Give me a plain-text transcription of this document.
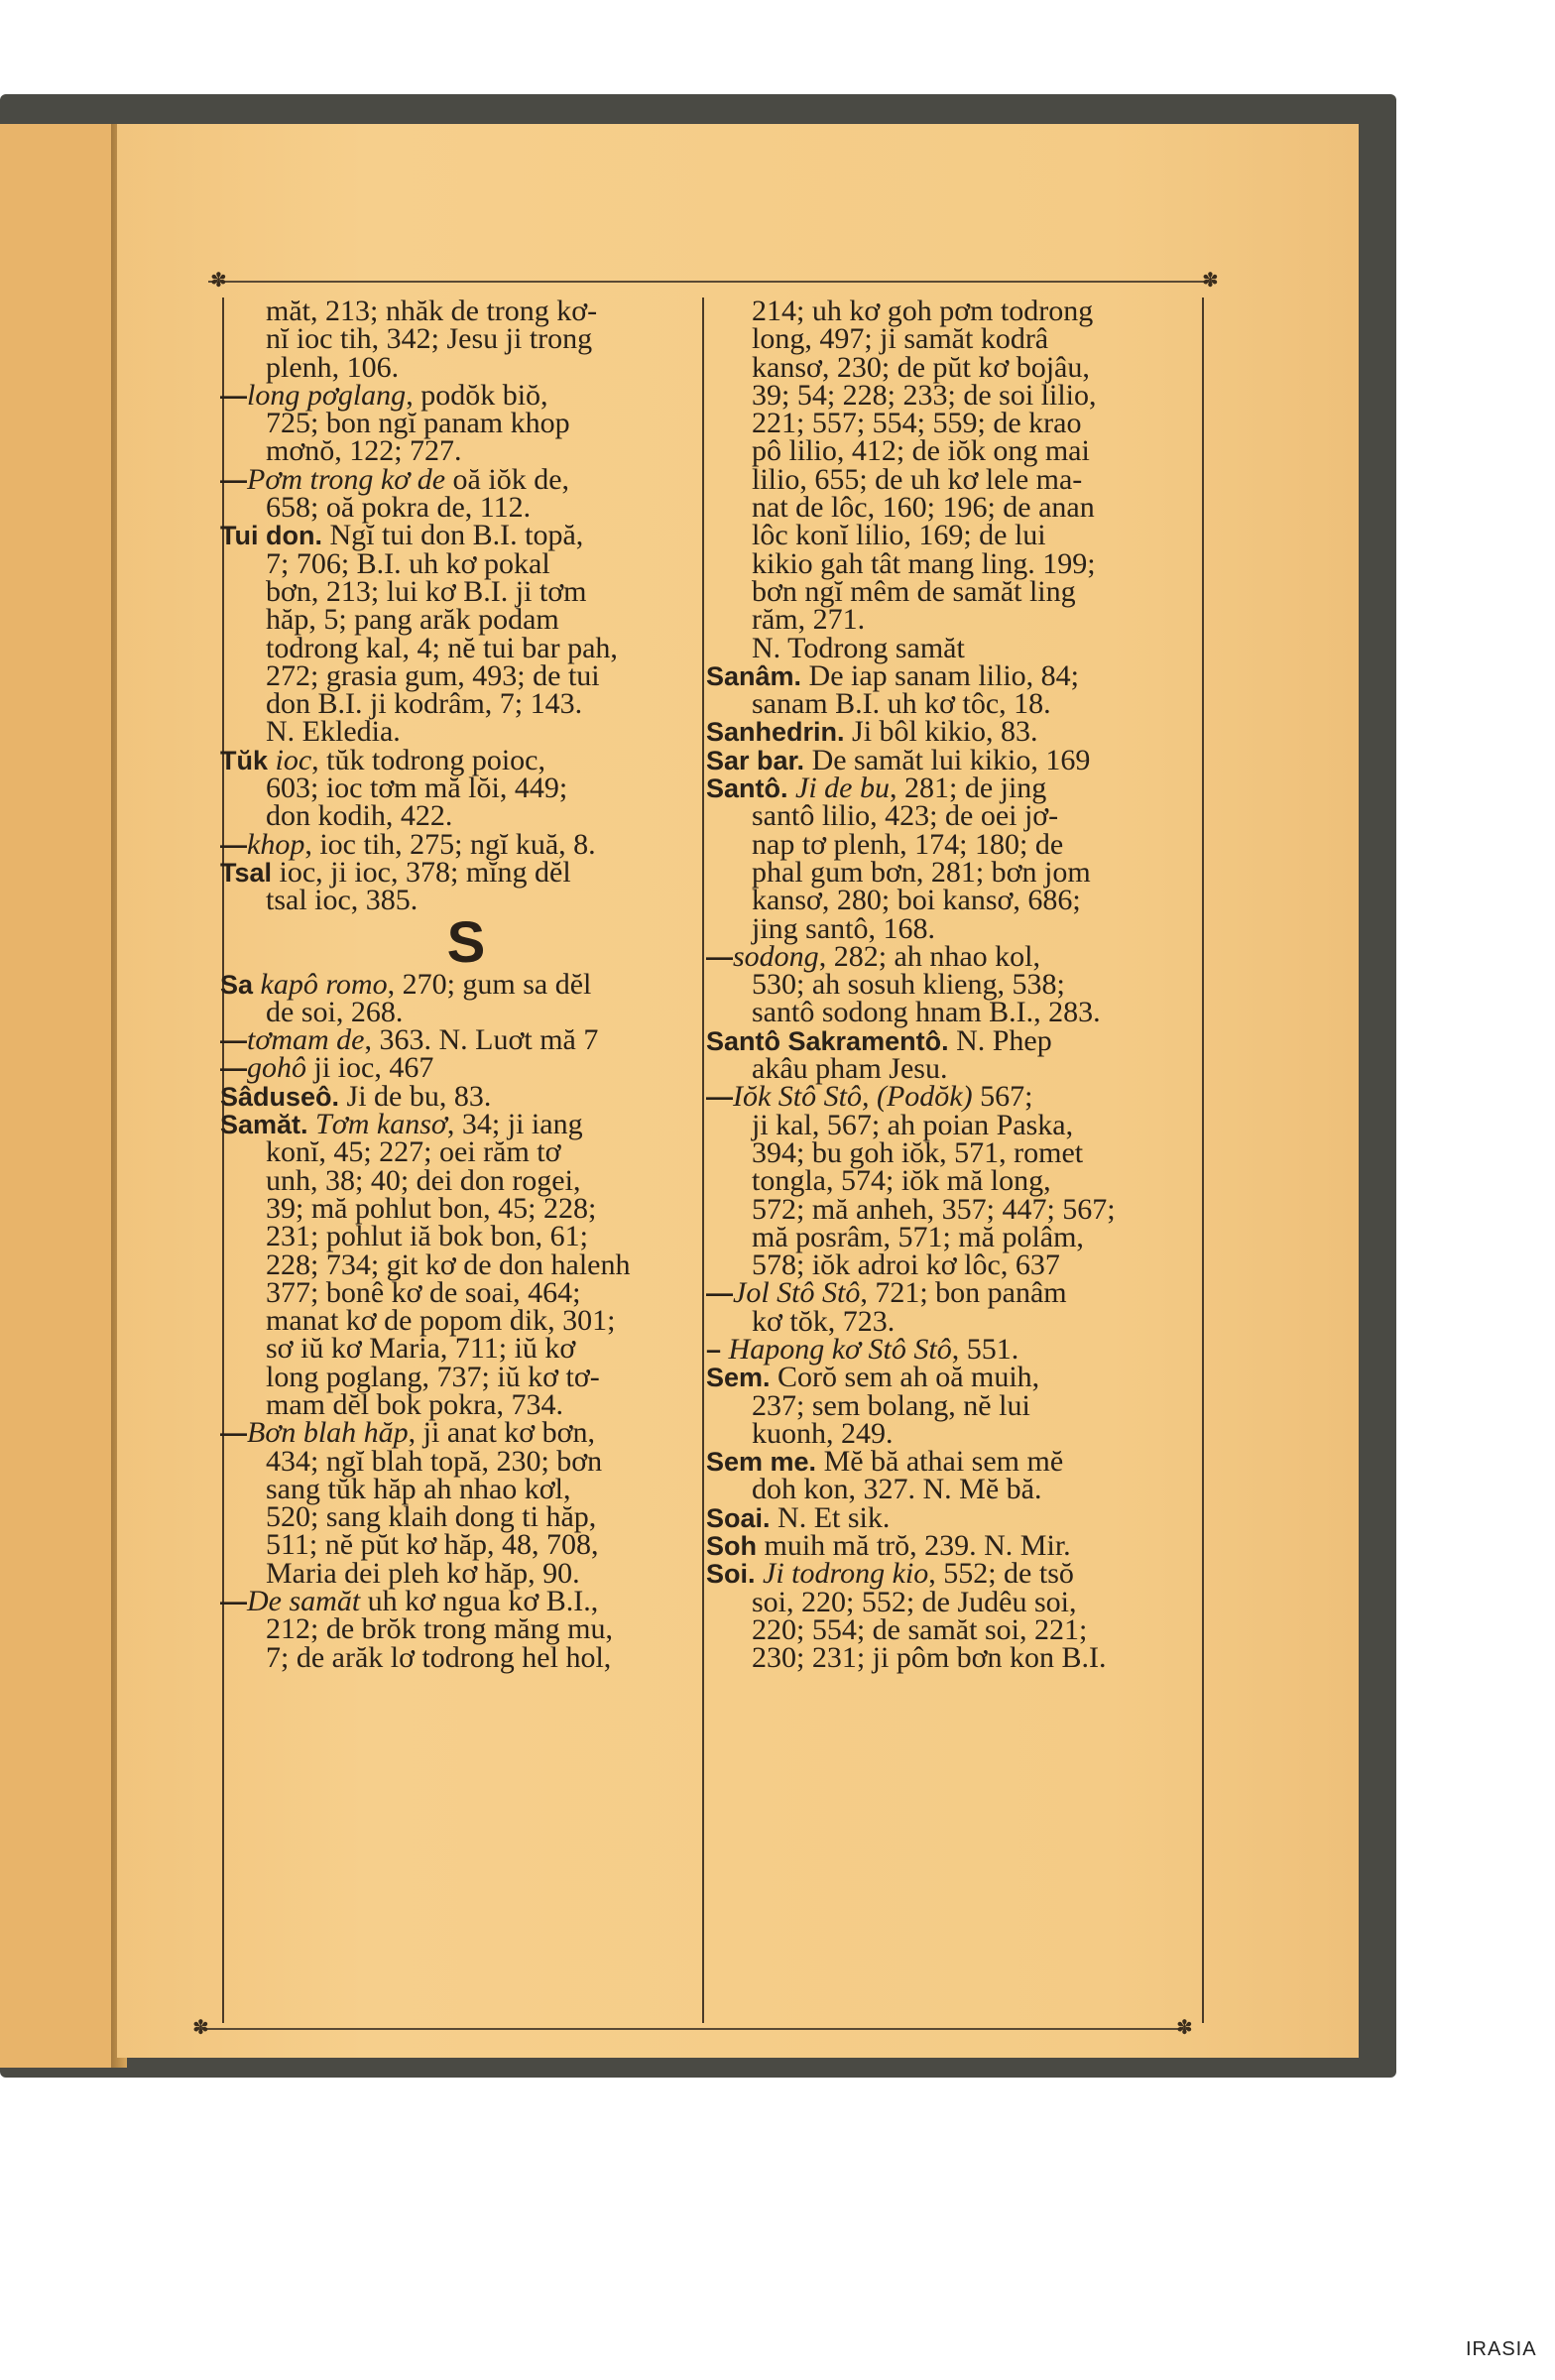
✽	✽
✽	✽

măt, 213; nhăk de trong kơ-

nĭ ioc tih, 342; Jesu ji trong

plenh, 106.

—long pơglang, podŏk biŏ,

725; bon ngĭ panam khop

mơnŏ, 122; 727.

—Pơm trong kơ de oă iŏk de,

658; oă pokra de, 112.

Tui don. Ngĭ tui don B.I. topă,

7; 706; B.I. uh kơ pokal

bơn, 213; lui kơ B.I. ji tơm

hăp, 5; pang arăk podam

todrong kal, 4; nĕ tui bar pah,

272; grasia gum, 493; de tui

don B.I. ji kodrâm, 7; 143.

N. Ekledia.

Tŭk ioc, tŭk todrong poioc,

603; ioc tơm mă lŏi, 449;

don kodih, 422.

—khop, ioc tih, 275; ngĭ kuă, 8.

Tsal ioc, ji ioc, 378; mĭng dĕl

tsal ioc, 385.

S

Sa kapô romo, 270; gum sa dĕl

de soi, 268.

—tơmam de, 363. N. Luơt mă 7

—gohô ji ioc, 467

Sâduseô. Ji de bu, 83.

Samăt. Tơm kansơ, 34; ji iang

konĭ, 45; 227; oei răm tơ

unh, 38; 40; dei don rogei,

39; mă pohlut bon, 45; 228;

231; pohlut iă bok bon, 61;

228; 734; git kơ de don halenh

377; bonê kơ de soai, 464;

manat kơ de popom dik, 301;

sơ iŭ kơ Maria, 711; iŭ kơ

long poglang, 737; iŭ kơ tơ-

mam dĕl bok pokra, 734.

—Bơn blah hăp, ji anat kơ bơn,

434; ngĭ blah topă, 230; bơn

sang tŭk hăp ah nhao kơl,

520; sang klaih dong ti hăp,

511; nĕ pŭt kơ hăp, 48, 708,

Maria dei pleh kơ hăp, 90.

—De samăt uh kơ ngua kơ B.I.,

212; de brŏk trong măng mu,

7; de arăk lơ todrong hel hol,

214; uh kơ goh pơm todrong

long, 497; ji samăt kodrâ

kansơ, 230; de pŭt kơ bojâu,

39; 54; 228; 233; de soi lilio,

221; 557; 554; 559; de krao

pô lilio, 412; de iŏk ong mai

lilio, 655; de uh kơ lele ma-

nat de lôc, 160; 196; de anan

lôc konĭ lilio, 169; de lui

kikio gah tât mang ling. 199;

bơn ngĭ mêm de samăt ling

răm, 271.

N. Todrong samăt

Sanâm. De iap sanam lilio, 84;

sanam B.I. uh kơ tôc, 18.

Sanhedrin. Ji bôl kikio, 83.

Sar bar. De samăt lui kikio, 169

Santô. Ji de bu, 281; de jing

santô lilio, 423; de oei jơ-

nap tơ plenh, 174; 180; de

phal gum bơn, 281; bơn jom

kansơ, 280; boi kansơ, 686;

jing santô, 168.

—sodong, 282; ah nhao kol,

530; ah sosuh klieng, 538;

santô sodong hnam B.I., 283.

Santô Sakramentô. N. Phep

akâu pham Jesu.

—Iŏk Stô Stô, (Podŏk) 567;

ji kal, 567; ah poian Paska,

394; bu goh iŏk, 571, romet

tongla, 574; iŏk mă long,

572; mă anheh, 357; 447; 567;

mă posrâm, 571; mă polâm,

578; iŏk adroi kơ lôc, 637

—Jol Stô Stô, 721; bon panâm

kơ tŏk, 723.

– Hapong kơ Stô Stô, 551.

Sem. Corŏ sem ah oă muih,

237; sem bolang, nĕ lui

kuonh, 249.

Sem me. Mĕ bă athai sem mĕ

doh kon, 327. N. Mĕ bă.

Soai. N. Et sik.

Soh muih mă trŏ, 239. N. Mir.

Soi. Ji todrong kio, 552; de tsŏ

soi, 220; 552; de Judêu soi,

220; 554; de samăt soi, 221;

230; 231; ji pôm bơn kon B.I.

IRASIA
